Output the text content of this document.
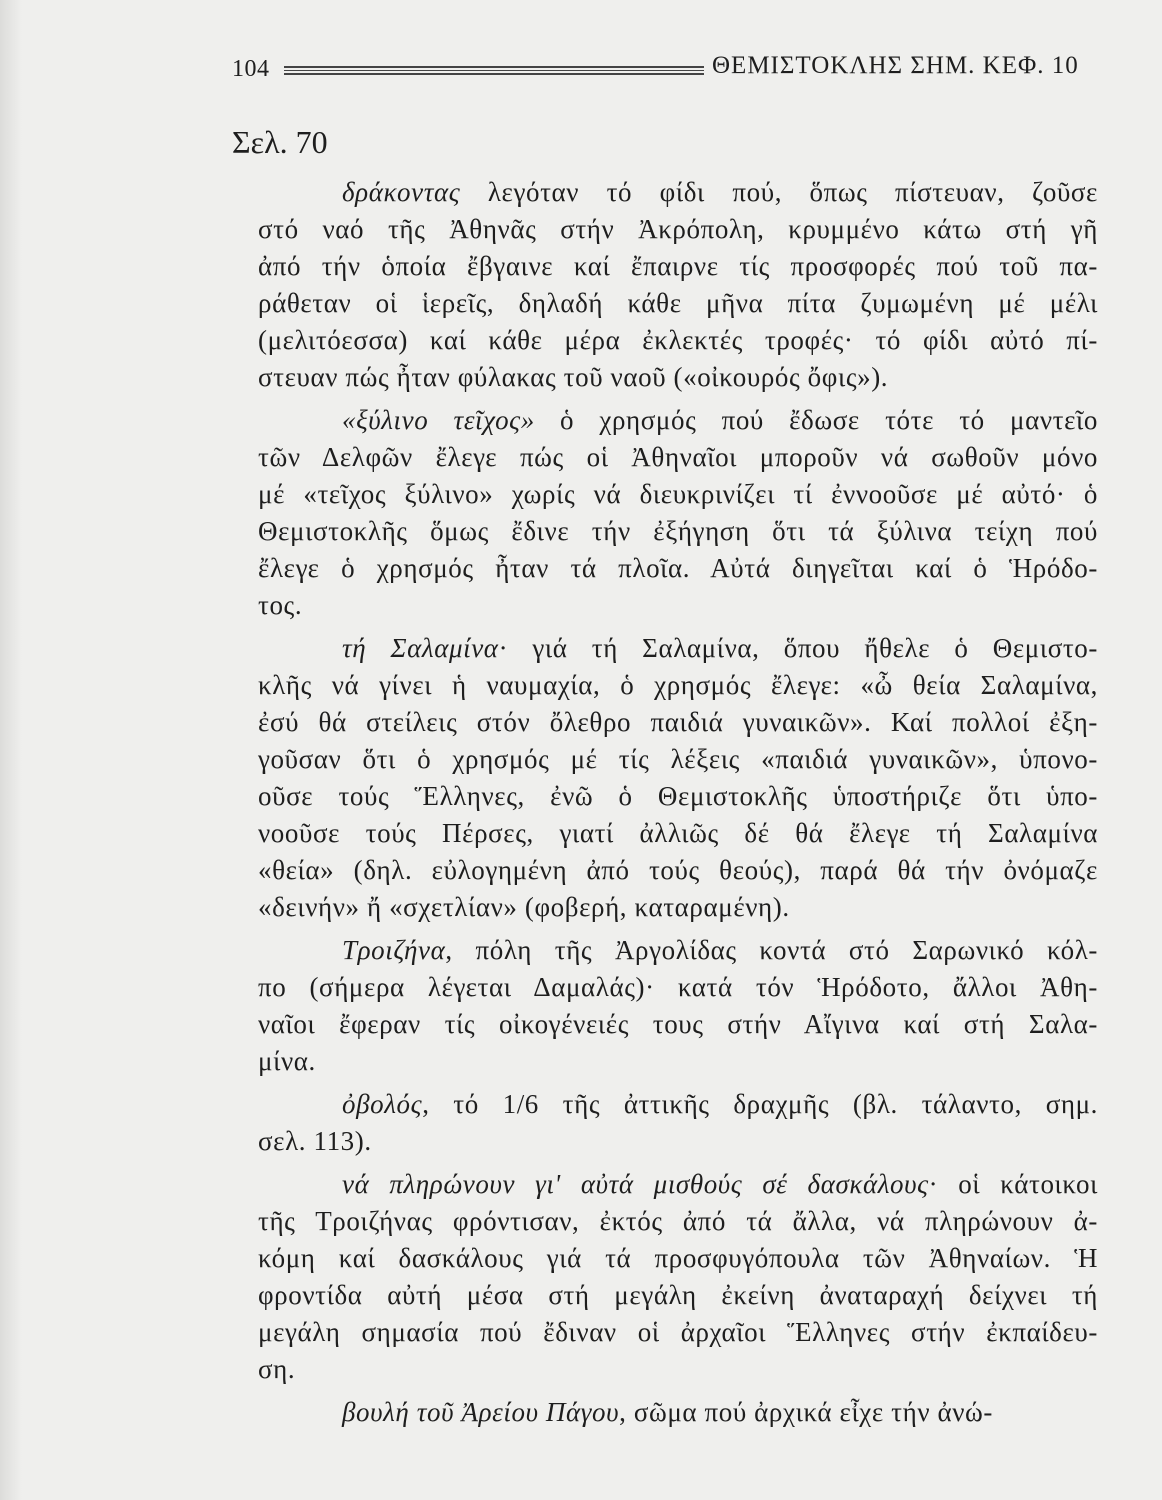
104	ΘΕΜΙΣΤΟΚΛΗΣ ΣΗΜ. ΚΕΦ. 10
Σελ. 70
δράκοντας λεγόταν τό φίδι πού, ὅπως πίστευαν, ζοῦσε
στό ναό τῆς Ἀθηνᾶς στήν Ἀκρόπολη, κρυμμένο κάτω στή γῆ
ἀπό τήν ὁποία ἔβγαινε καί ἔπαιρνε τίς προσφορές πού τοῦ πα-
ράθεταν οἱ ἱερεῖς, δηλαδή κάθε μῆνα πίτα ζυμωμένη μέ μέλι
(μελιτόεσσα) καί κάθε μέρα ἐκλεκτές τροφές· τό φίδι αὐτό πί-
στευαν πώς ἦταν φύλακας τοῦ ναοῦ («οἰκουρός ὄφις»).
«ξύλινο τεῖχος» ὁ χρησμός πού ἔδωσε τότε τό μαντεῖο
τῶν Δελφῶν ἔλεγε πώς οἱ Ἀθηναῖοι μποροῦν νά σωθοῦν μόνο
μέ «τεῖχος ξύλινο» χωρίς νά διευκρινίζει τί ἐννοοῦσε μέ αὐτό· ὁ
Θεμιστοκλῆς ὅμως ἔδινε τήν ἐξήγηση ὅτι τά ξύλινα τείχη πού
ἔλεγε ὁ χρησμός ἦταν τά πλοῖα. Αὐτά διηγεῖται καί ὁ Ἡρόδο-
τος.
τή Σαλαμίνα· γιά τή Σαλαμίνα, ὅπου ἤθελε ὁ Θεμιστο-
κλῆς νά γίνει ἡ ναυμαχία, ὁ χρησμός ἔλεγε: «ὦ θεία Σαλαμίνα,
ἐσύ θά στείλεις στόν ὄλεθρο παιδιά γυναικῶν». Καί πολλοί ἐξη-
γοῦσαν ὅτι ὁ χρησμός μέ τίς λέξεις «παιδιά γυναικῶν», ὑπονο-
οῦσε τούς Ἕλληνες, ἐνῶ ὁ Θεμιστοκλῆς ὑποστήριζε ὅτι ὑπο-
νοοῦσε τούς Πέρσες, γιατί ἀλλιῶς δέ θά ἔλεγε τή Σαλαμίνα
«θεία» (δηλ. εὐλογημένη ἀπό τούς θεούς), παρά θά τήν ὀνόμαζε
«δεινήν» ἤ «σχετλίαν» (φοβερή, καταραμένη).
Τροιζήνα, πόλη τῆς Ἀργολίδας κοντά στό Σαρωνικό κόλ-
πο (σήμερα λέγεται Δαμαλάς)· κατά τόν Ἡρόδοτο, ἄλλοι Ἀθη-
ναῖοι ἔφεραν τίς οἰκογένειές τους στήν Αἴγινα καί στή Σαλα-
μίνα.
ὀβολός, τό 1/6 τῆς ἀττικῆς δραχμῆς (βλ. τάλαντο, σημ.
σελ. 113).
νά πληρώνουν γι' αὐτά μισθούς σέ δασκάλους· οἱ κάτοικοι
τῆς Τροιζήνας φρόντισαν, ἐκτός ἀπό τά ἄλλα, νά πληρώνουν ἀ-
κόμη καί δασκάλους γιά τά προσφυγόπουλα τῶν Ἀθηναίων. Ἡ
φροντίδα αὐτή μέσα στή μεγάλη ἐκείνη ἀναταραχή δείχνει τή
μεγάλη σημασία πού ἔδιναν οἱ ἀρχαῖοι Ἕλληνες στήν ἐκπαίδευ-
ση.
βουλή τοῦ Ἀρείου Πάγου, σῶμα πού ἀρχικά εἶχε τήν ἀνώ-
